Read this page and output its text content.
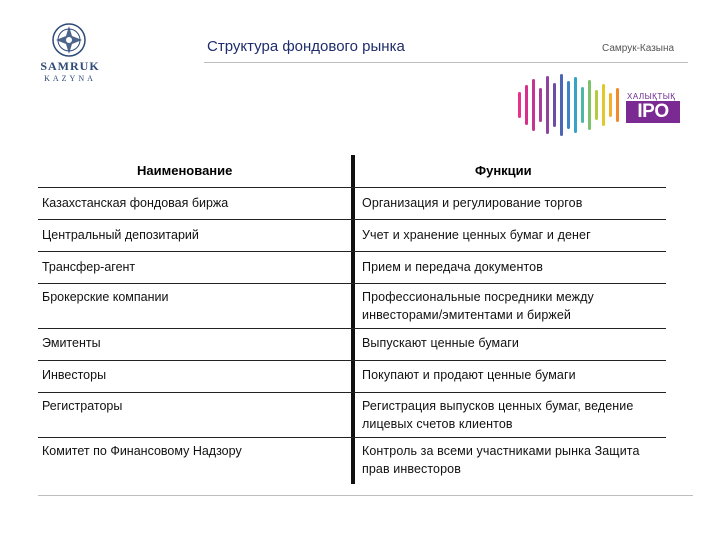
SAMRUK
KAZYNA
Структура фондового рынка	Самрук-Казына
ХАЛЫҚТЫҚ
IPO
Наименование	Функции
Казахстанская фондовая биржа	Организация и регулирование торгов
Центральный депозитарий	Учет и хранение ценных бумаг и денег
Трансфер-агент	Прием и передача документов
Брокерские компании	Профессиональные посредники между инвесторами/эмитентами и биржей
Эмитенты	Выпускают ценные бумаги
Инвесторы	Покупают и продают ценные бумаги
Регистраторы	Регистрация выпусков ценных бумаг, ведение лицевых счетов клиентов
Комитет по Финансовому Надзору	Контроль за всеми участниками рынка Защита прав инвесторов
